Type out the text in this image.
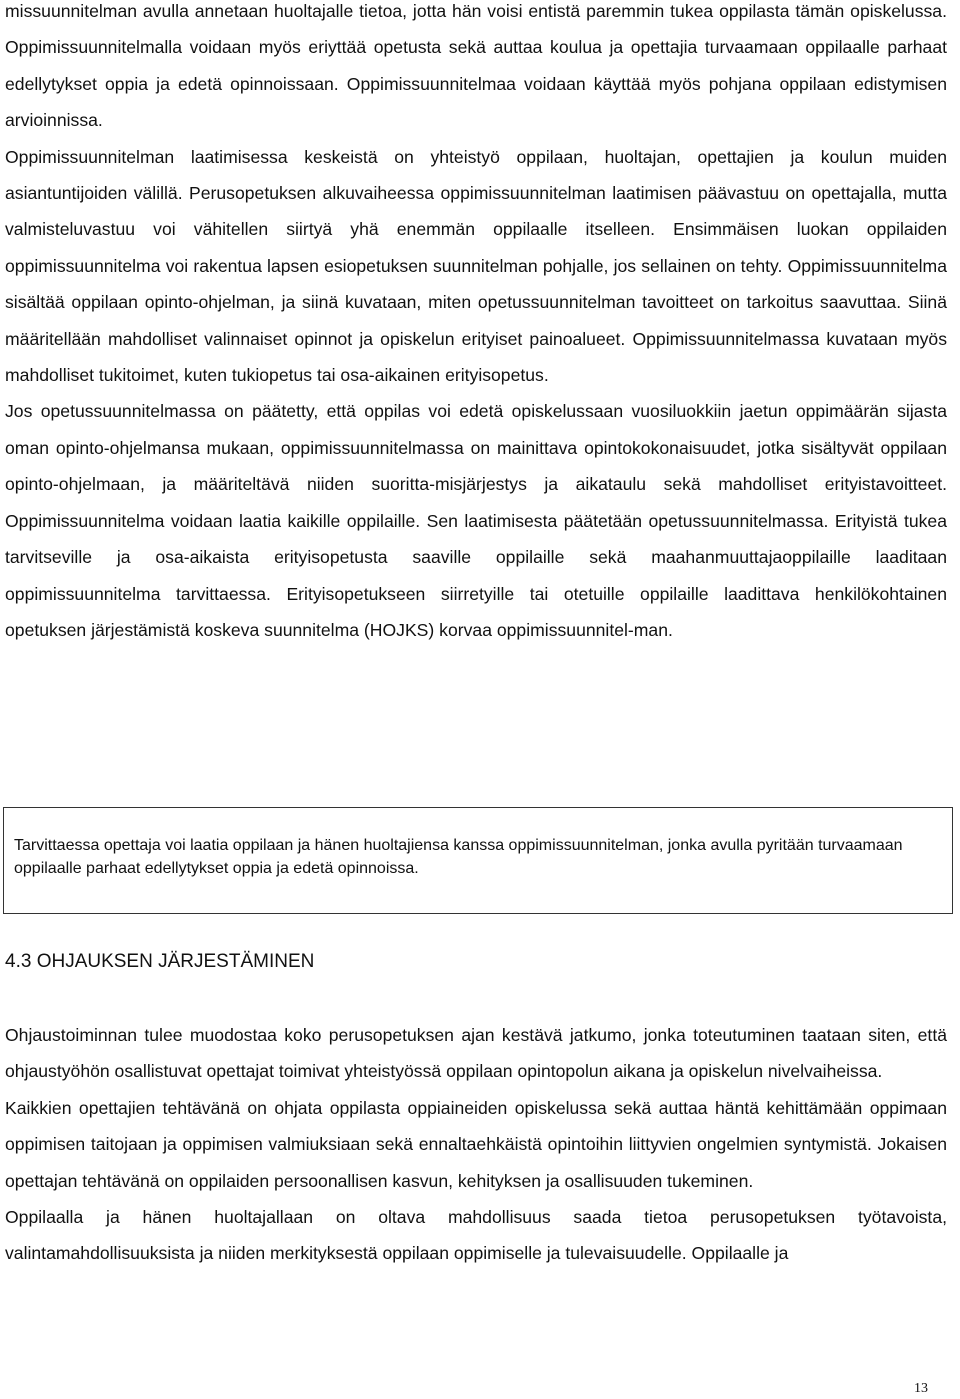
missuunnitelman avulla annetaan huoltajalle tietoa, jotta hän voisi entistä paremmin tukea oppilasta tämän opiskelussa. Oppimissuunnitelmalla voidaan myös eriyttää opetusta sekä auttaa koulua ja opettajia turvaamaan oppilaalle parhaat edellytykset oppia ja edetä opinnoissaan. Oppimissuunnitelmaa voidaan käyttää myös pohjana oppilaan edistymisen arvioinnissa.

Oppimissuunnitelman laatimisessa keskeistä on yhteistyö oppilaan, huoltajan, opettajien ja koulun muiden asiantuntijoiden välillä. Perusopetuksen alkuvaiheessa oppimissuunnitelman laatimisen päävastuu on opettajalla, mutta valmisteluvastuu voi vähitellen siirtyä yhä enemmän oppilaalle itselleen. Ensimmäisen luokan oppilaiden oppimissuunnitelma voi rakentua lapsen esiopetuksen suunnitelman pohjalle, jos sellainen on tehty. Oppimissuunnitelma sisältää oppilaan opinto-ohjelman, ja siinä kuvataan, miten opetussuunnitelman tavoitteet on tarkoitus saavuttaa. Siinä määritellään mahdolliset valinnaiset opinnot ja opiskelun erityiset painoalueet. Oppimissuunnitelmassa kuvataan myös mahdolliset tukitoimet, kuten tukiopetus tai osa-aikainen erityisopetus.

Jos opetussuunnitelmassa on päätetty, että oppilas voi edetä opiskelussaan vuosiluokkiin jaetun oppimäärän sijasta oman opinto-ohjelmansa mukaan, oppimissuunnitelmassa on mainittava opintokokonaisuudet, jotka sisältyvät oppilaan opinto-ohjelmaan, ja määriteltävä niiden suoritta-misjärjestys ja aikataulu sekä mahdolliset erityistavoitteet. Oppimissuunnitelma voidaan laatia kaikille oppilaille. Sen laatimisesta päätetään opetussuunnitelmassa. Erityistä tukea tarvitseville ja osa-aikaista erityisopetusta saaville oppilaille sekä maahanmuuttajaoppilaille laaditaan oppimissuunnitelma tarvittaessa. Erityisopetukseen siirretyille tai otetuille oppilaille laadittava henkilökohtainen opetuksen järjestämistä koskeva suunnitelma (HOJKS) korvaa oppimissuunnitel-man.

Tarvittaessa opettaja voi laatia oppilaan ja hänen huoltajiensa kanssa oppimissuunnitelman, jonka avulla pyritään turvaamaan oppilaalle parhaat edellytykset oppia ja edetä opinnoissa.

4.3 OHJAUKSEN JÄRJESTÄMINEN

Ohjaustoiminnan tulee muodostaa koko perusopetuksen ajan kestävä jatkumo, jonka toteutuminen taataan siten, että ohjaustyöhön osallistuvat opettajat toimivat yhteistyössä oppilaan opintopolun aikana ja opiskelun nivelvaiheissa.

Kaikkien opettajien tehtävänä on ohjata oppilasta oppiaineiden opiskelussa sekä auttaa häntä kehittämään oppimaan oppimisen taitojaan ja oppimisen valmiuksiaan sekä ennaltaehkäistä opintoihin liittyvien ongelmien syntymistä. Jokaisen opettajan tehtävänä on oppilaiden persoonallisen kasvun, kehityksen ja osallisuuden tukeminen.

Oppilaalla ja hänen huoltajallaan on oltava mahdollisuus saada tietoa perusopetuksen työtavoista, valintamahdollisuuksista ja niiden merkityksestä oppilaan oppimiselle ja tulevaisuudelle. Oppilaalle ja

13
